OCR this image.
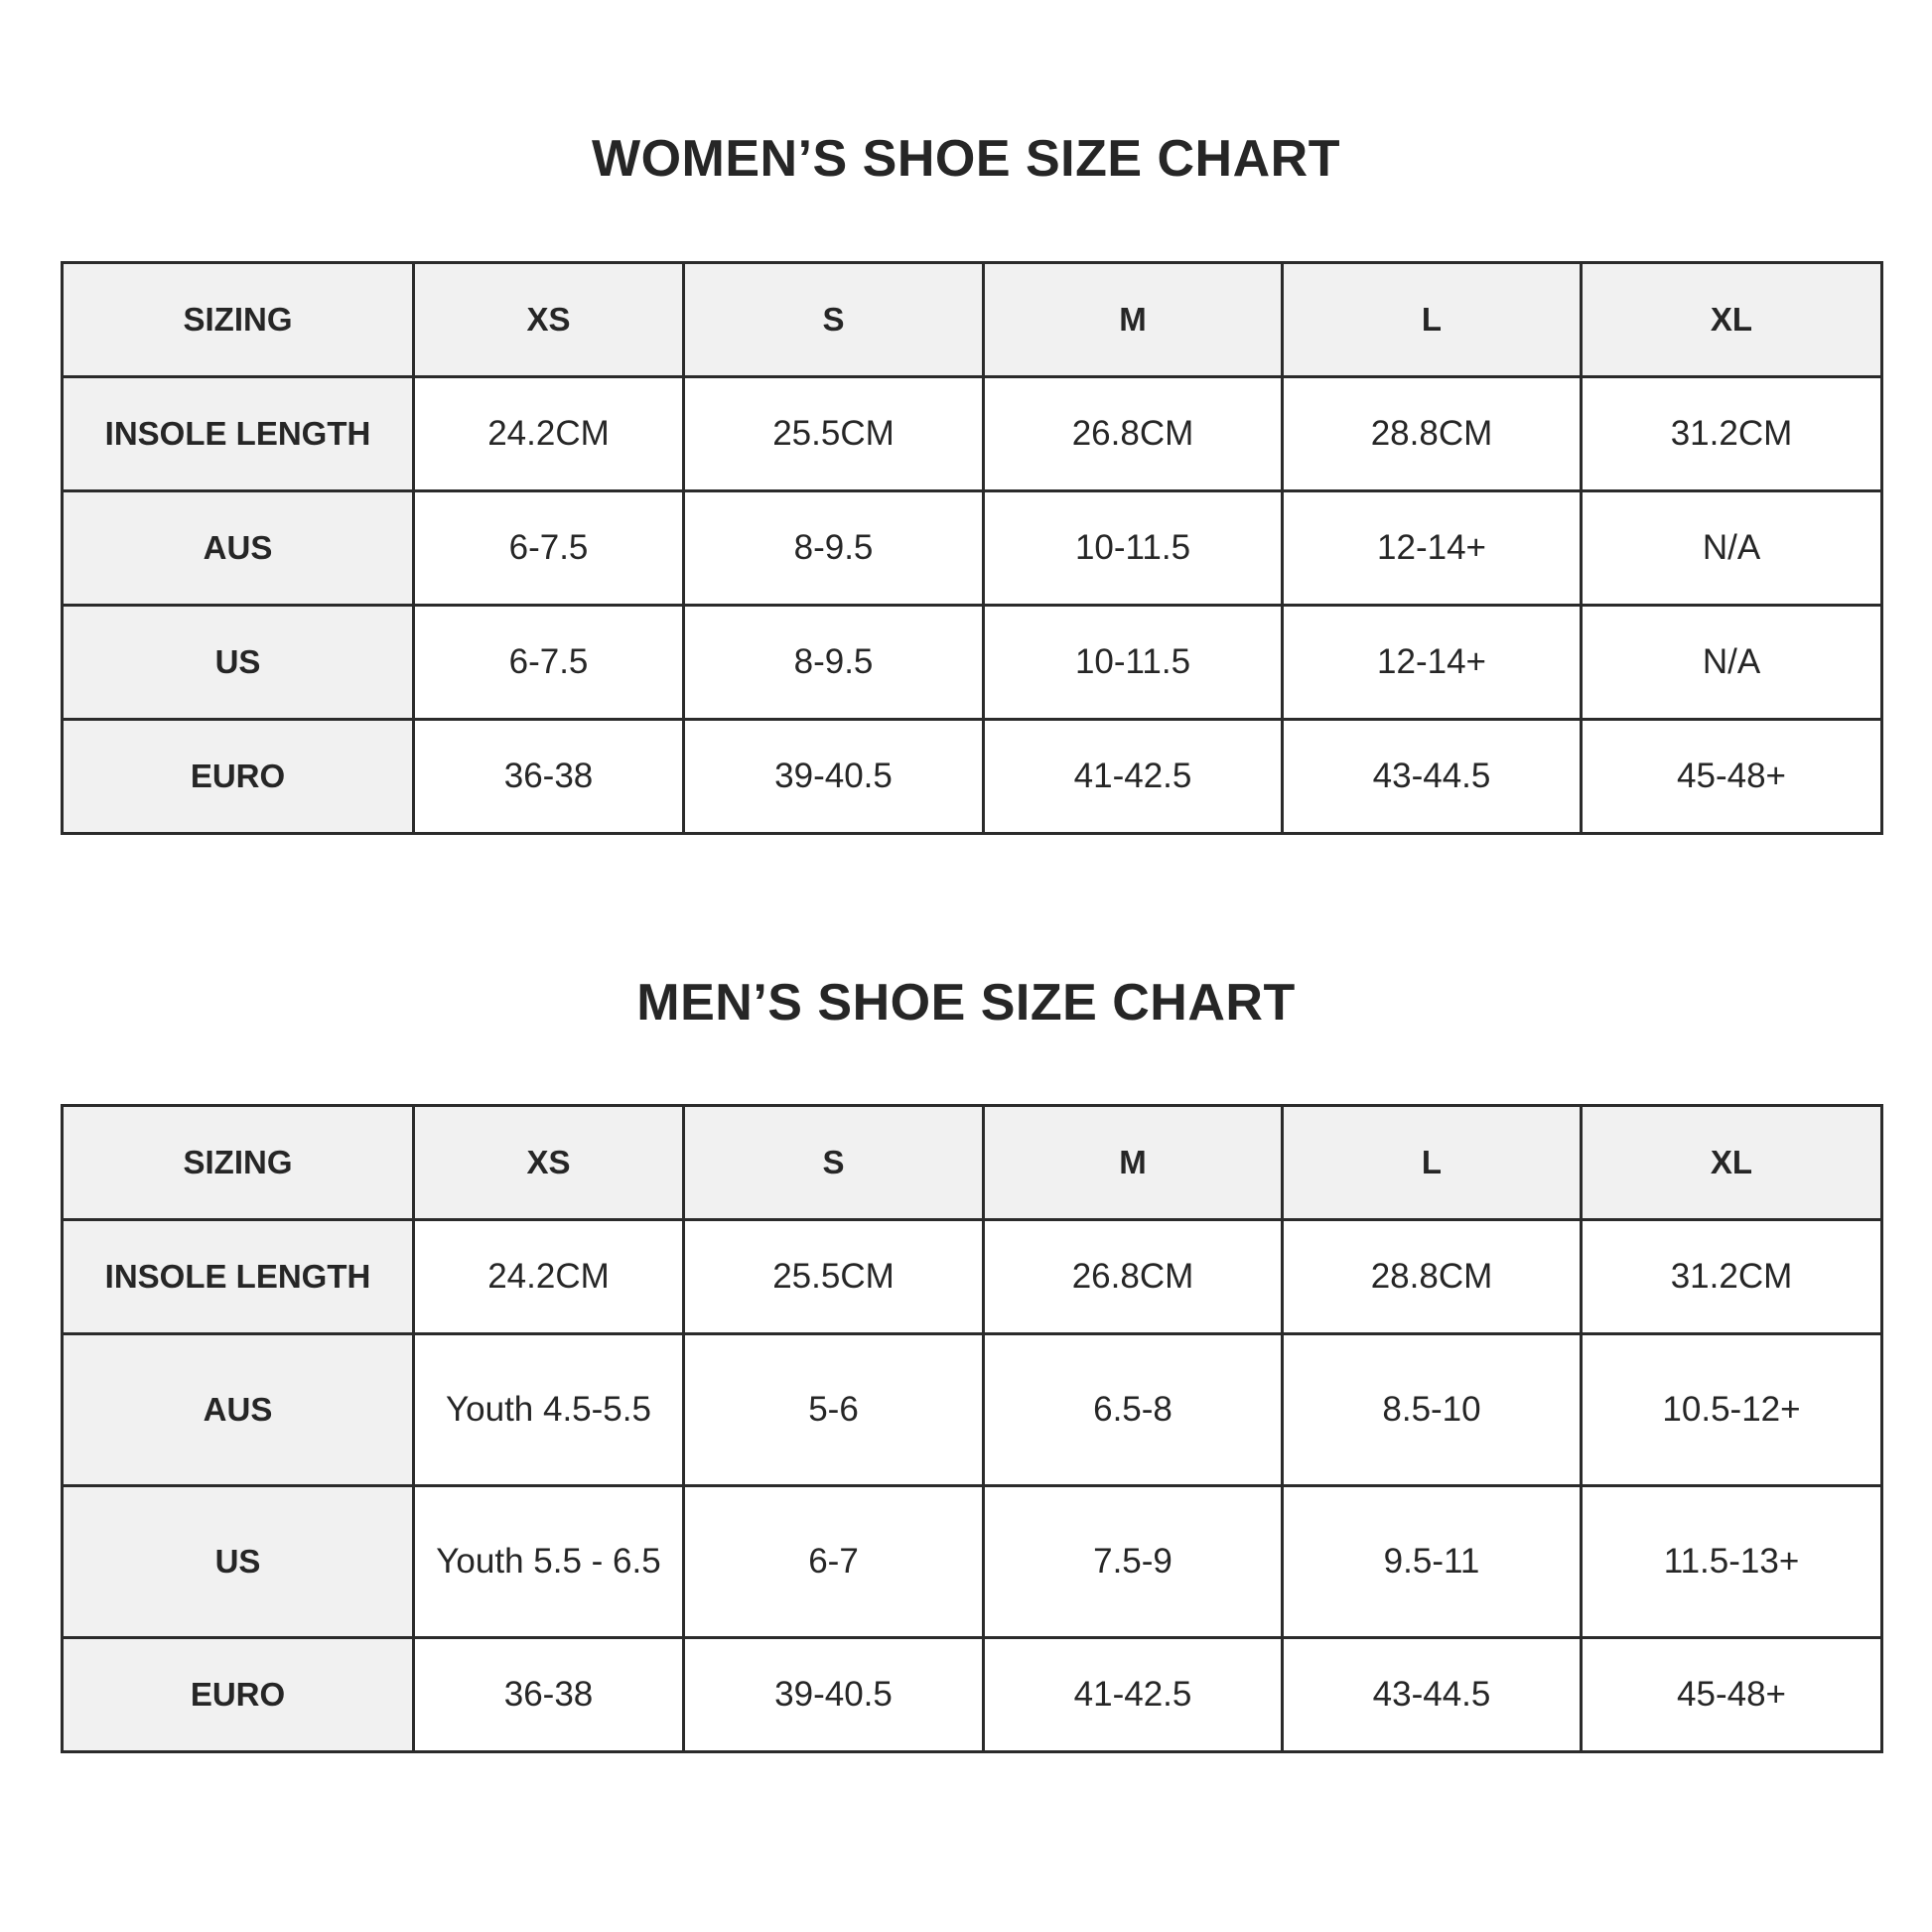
WOMEN’S SHOE SIZE CHART
SIZING	XS	S	M	L	XL
INSOLE LENGTH	24.2CM	25.5CM	26.8CM	28.8CM	31.2CM
AUS	6-7.5	8-9.5	10-11.5	12-14+	N/A
US	6-7.5	8-9.5	10-11.5	12-14+	N/A
EURO	36-38	39-40.5	41-42.5	43-44.5	45-48+
MEN’S SHOE SIZE CHART
SIZING	XS	S	M	L	XL
INSOLE LENGTH	24.2CM	25.5CM	26.8CM	28.8CM	31.2CM
AUS	Youth 4.5-5.5	5-6	6.5-8	8.5-10	10.5-12+
US	Youth 5.5 - 6.5	6-7	7.5-9	9.5-11	11.5-13+
EURO	36-38	39-40.5	41-42.5	43-44.5	45-48+
